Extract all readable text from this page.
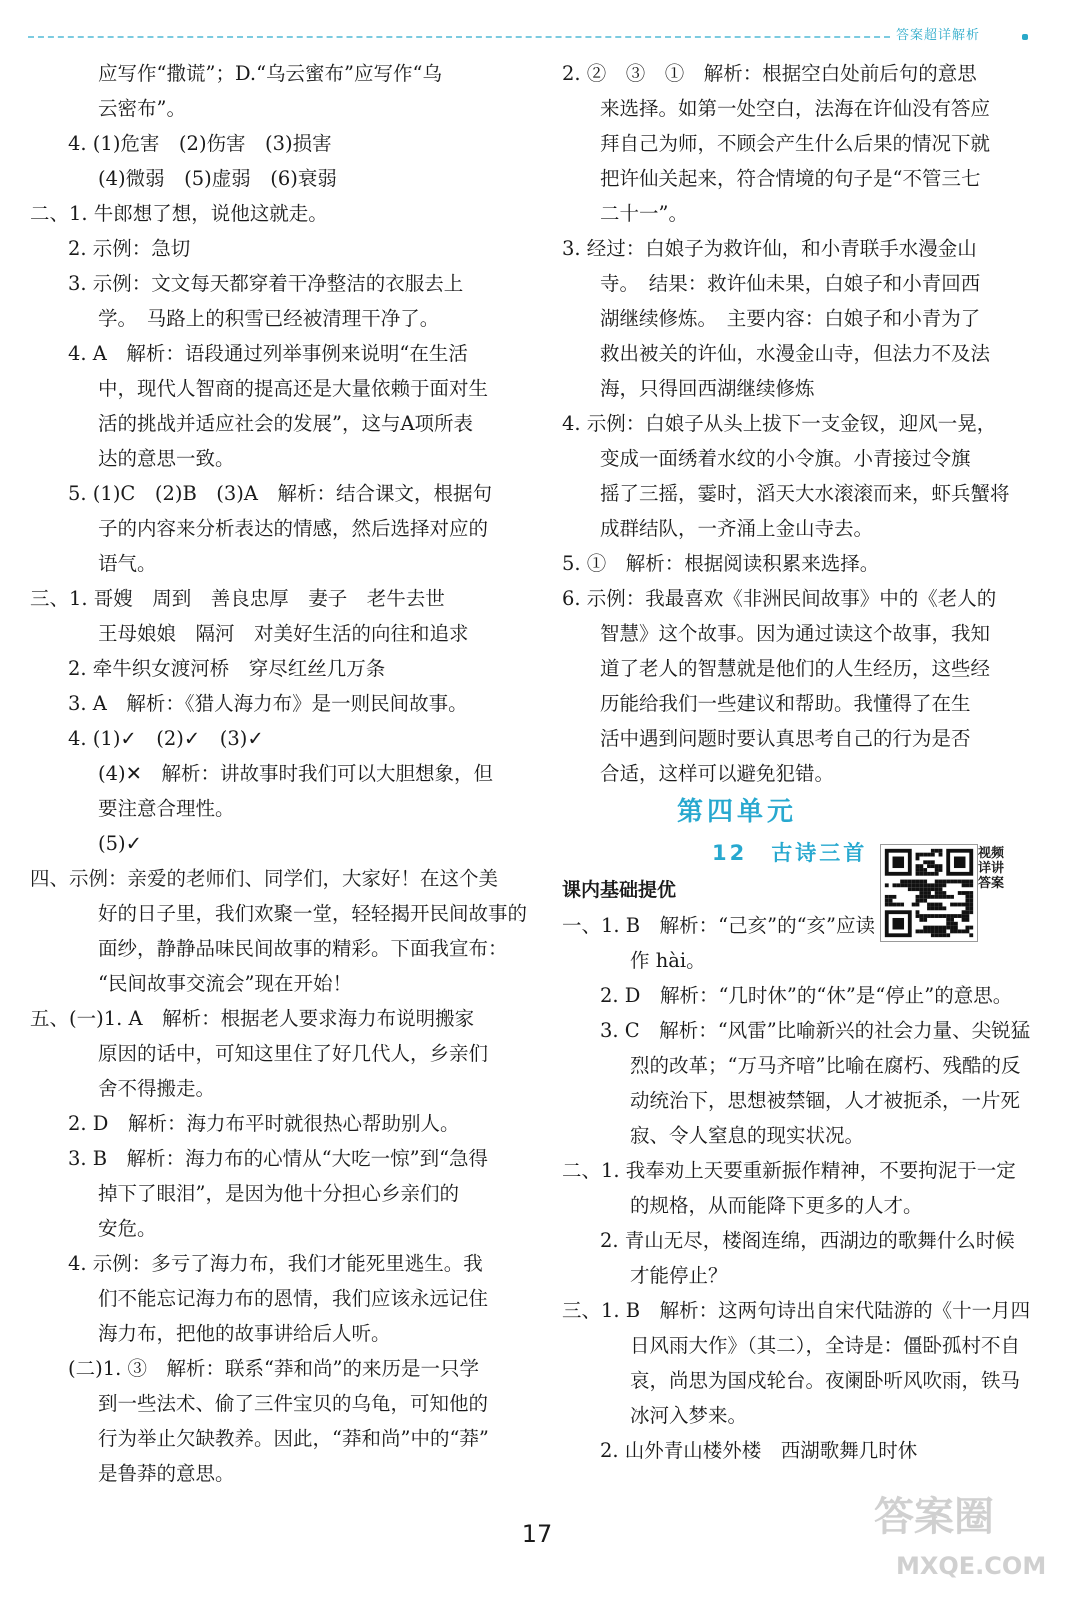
答案超详解析
应写作“撒谎”；D.“乌云蜜布”应写作“乌
云密布”。
4. (1)危害　(2)伤害　(3)损害
(4)微弱　(5)虚弱　(6)衰弱
二、1. 牛郎想了想，说他这就走。
2. 示例：急切
3. 示例：文文每天都穿着干净整洁的衣服去上
学。　马路上的积雪已经被清理干净了。
4. A　解析：语段通过列举事例来说明“在生活
中，现代人智商的提高还是大量依赖于面对生
活的挑战并适应社会的发展”，这与A项所表
达的意思一致。
5. (1)C　(2)B　(3)A　解析：结合课文，根据句
子的内容来分析表达的情感，然后选择对应的
语气。
三、1. 哥嫂　周到　善良忠厚　妻子　老牛去世
王母娘娘　隔河　对美好生活的向往和追求
2. 牵牛织女渡河桥　穿尽红丝几万条
3. A　解析：《猎人海力布》是一则民间故事。
4. (1)✓　(2)✓　(3)✓
(4)✕　解析：讲故事时我们可以大胆想象，但
要注意合理性。
(5)✓
四、示例：亲爱的老师们、同学们，大家好！在这个美
好的日子里，我们欢聚一堂，轻轻揭开民间故事的
面纱，静静品味民间故事的精彩。下面我宣布：
“民间故事交流会”现在开始！
五、(一)1. A　解析：根据老人要求海力布说明搬家
原因的话中，可知这里住了好几代人，乡亲们
舍不得搬走。
2. D　解析：海力布平时就很热心帮助别人。
3. B　解析：海力布的心情从“大吃一惊”到“急得
掉下了眼泪”，是因为他十分担心乡亲们的
安危。
4. 示例：多亏了海力布，我们才能死里逃生。我
们不能忘记海力布的恩情，我们应该永远记住
海力布，把他的故事讲给后人听。
(二)1. ③　解析：联系“莽和尚”的来历是一只学
到一些法术、偷了三件宝贝的乌龟，可知他的
行为举止欠缺教养。因此，“莽和尚”中的“莽”
是鲁莽的意思。
2. ②　③　①　解析：根据空白处前后句的意思
来选择。如第一处空白，法海在许仙没有答应
拜自己为师，不顾会产生什么后果的情况下就
把许仙关起来，符合情境的句子是“不管三七
二十一”。
3. 经过：白娘子为救许仙，和小青联手水漫金山
寺。　结果：救许仙未果，白娘子和小青回西
湖继续修炼。　主要内容：白娘子和小青为了
救出被关的许仙，水漫金山寺，但法力不及法
海，只得回西湖继续修炼
4. 示例：白娘子从头上拔下一支金钗，迎风一晃，
变成一面绣着水纹的小令旗。小青接过令旗
摇了三摇，霎时，滔天大水滚滚而来，虾兵蟹将
成群结队，一齐涌上金山寺去。
5. ①　解析：根据阅读积累来选择。
6. 示例：我最喜欢《非洲民间故事》中的《老人的
智慧》这个故事。因为通过读这个故事，我知
道了老人的智慧就是他们的人生经历，这些经
历能给我们一些建议和帮助。我懂得了在生
活中遇到问题时要认真思考自己的行为是否
合适，这样可以避免犯错。
第四单元
12　古诗三首
课内基础提优
一、1. B　解析：“己亥”的“亥”应读
作 hài。
2. D　解析：“几时休”的“休”是“停止”的意思。
3. C　解析：“风雷”比喻新兴的社会力量、尖锐猛
烈的改革；“万马齐喑”比喻在腐朽、残酷的反
动统治下，思想被禁锢，人才被扼杀，一片死
寂、令人窒息的现实状况。
二、1. 我奉劝上天要重新振作精神，不要拘泥于一定
的规格，从而能降下更多的人才。
2. 青山无尽，楼阁连绵，西湖边的歌舞什么时候
才能停止？
三、1. B　解析：这两句诗出自宋代陆游的《十一月四
日风雨大作》（其二），全诗是：僵卧孤村不自
哀，尚思为国戍轮台。夜阑卧听风吹雨，铁马
冰河入梦来。
2. 山外青山楼外楼　西湖歌舞几时休
视频详讲答案
17	答案圈
MXQE.COM
